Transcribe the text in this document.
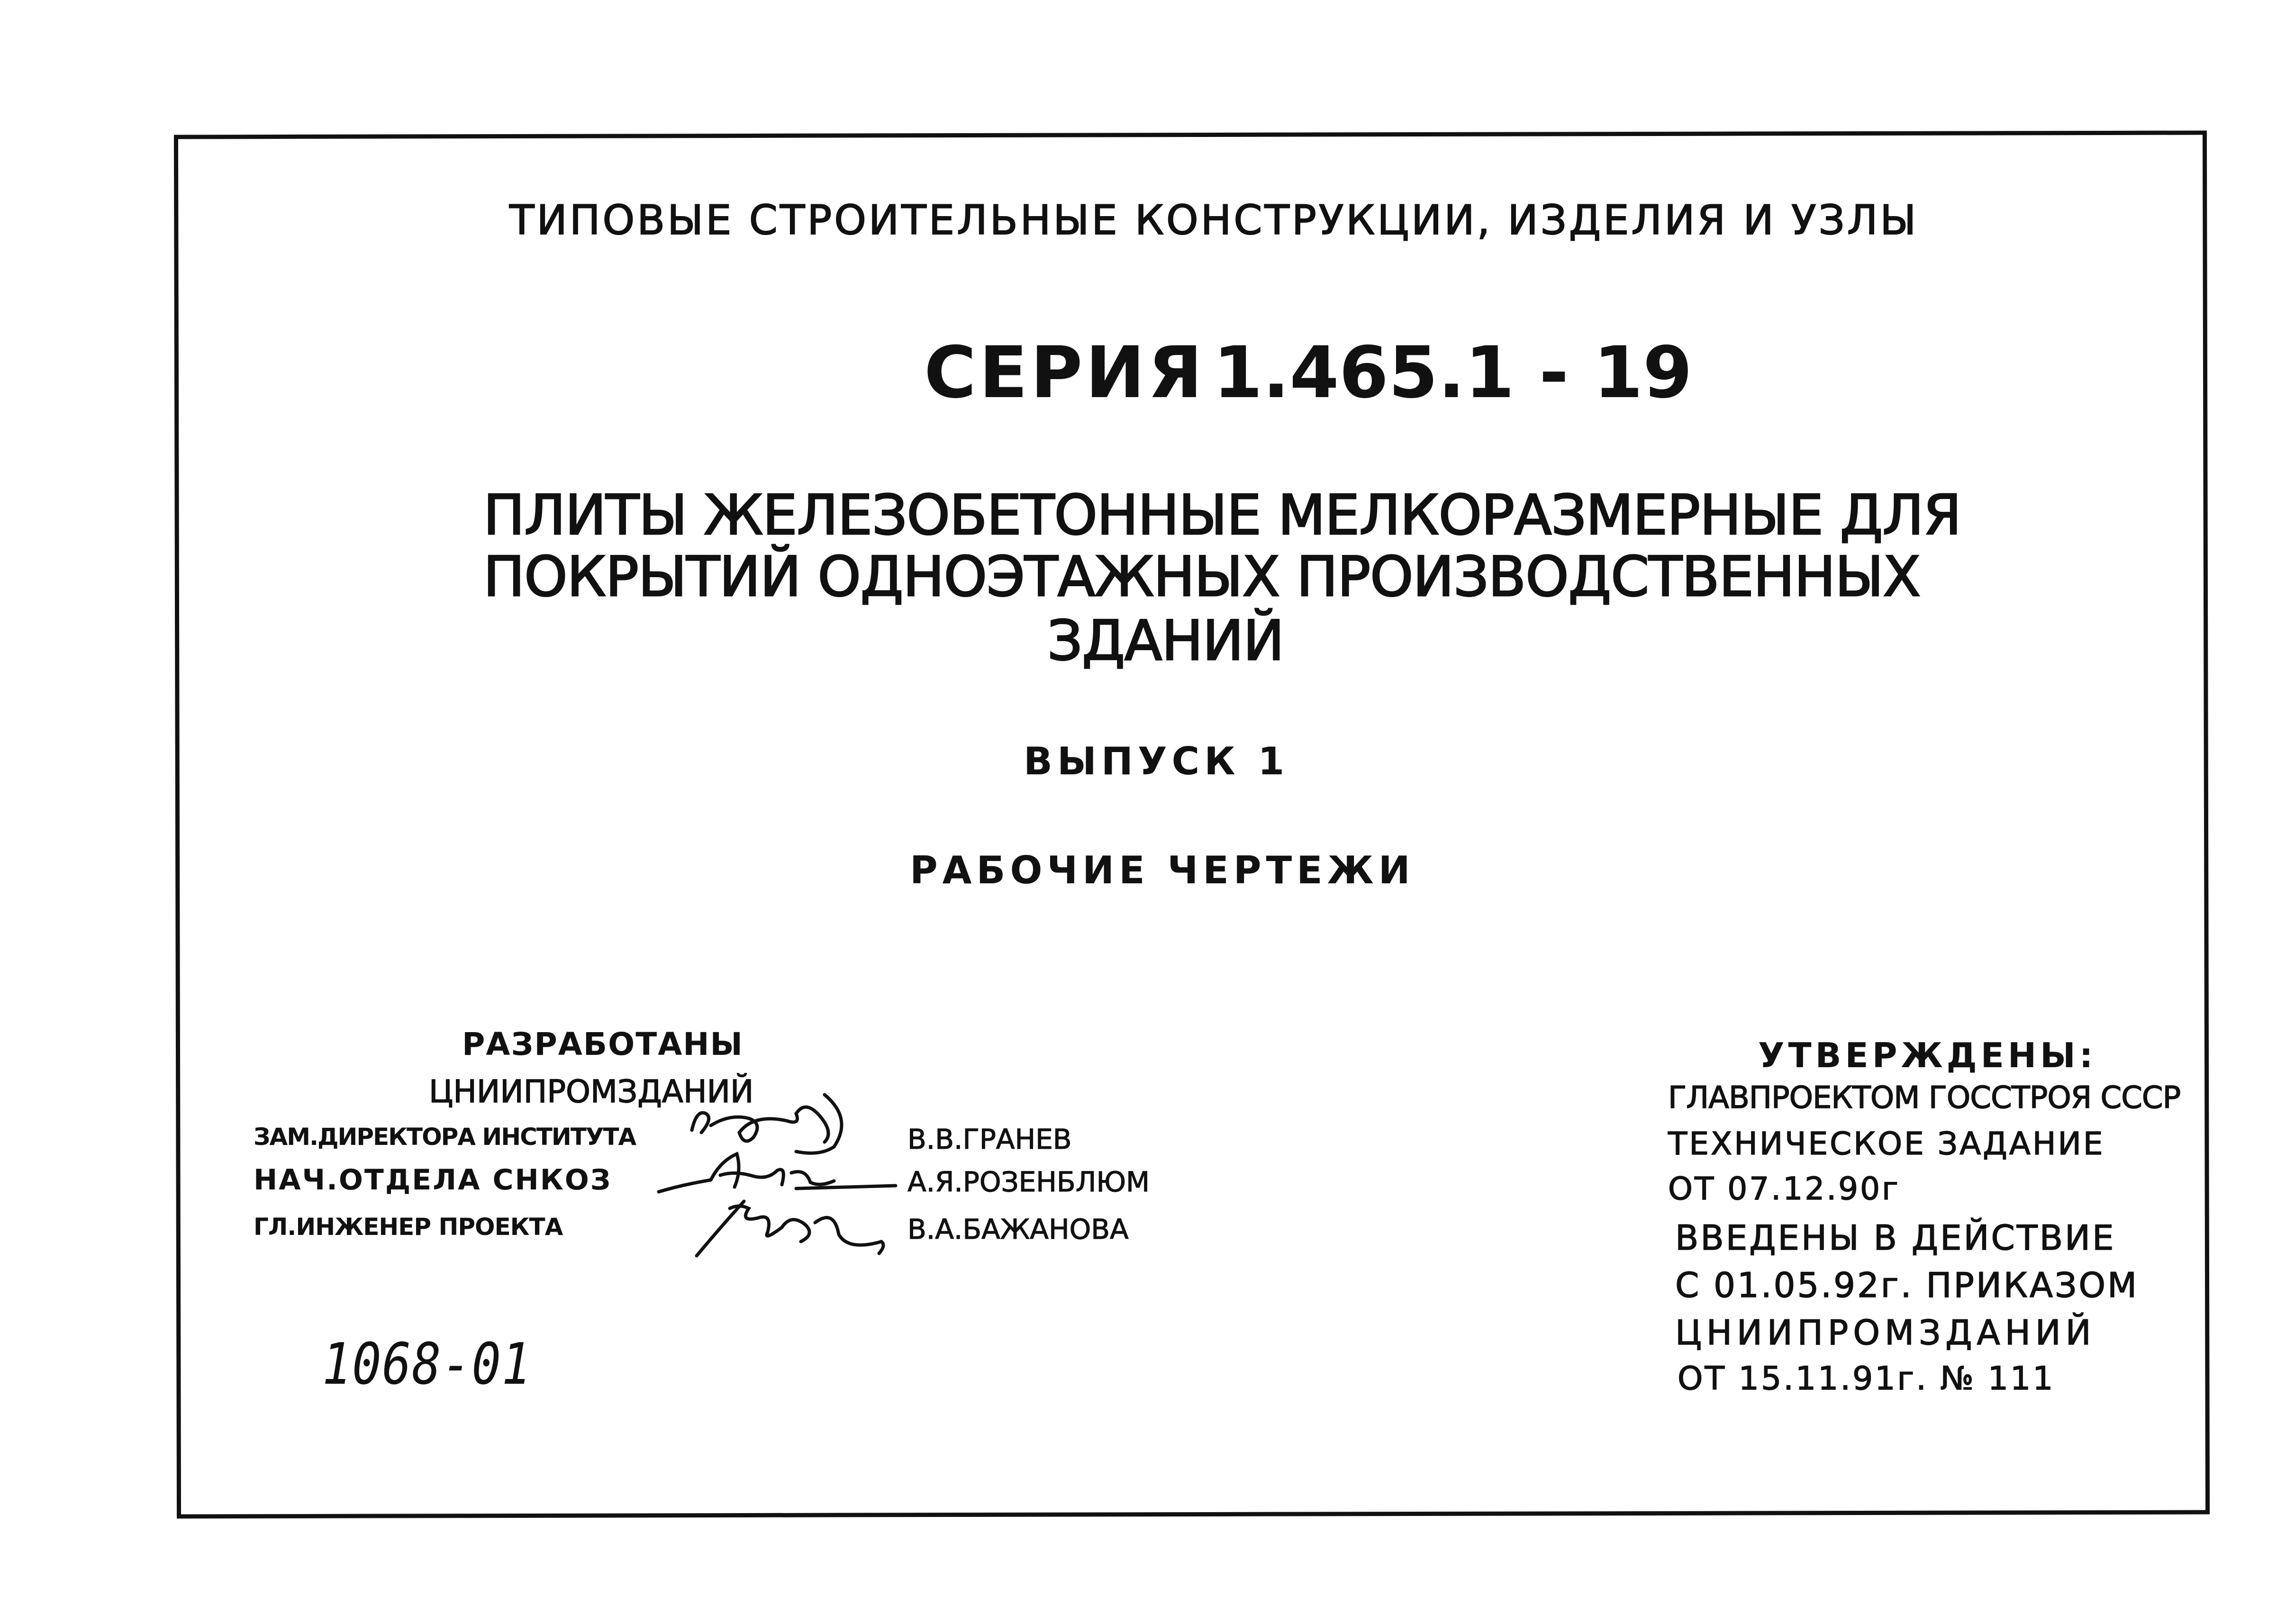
ТИПОВЫЕ СТРОИТЕЛЬНЫЕ КОНСТРУКЦИИ, ИЗДЕЛИЯ И УЗЛЫ
СЕРИЯ 1.465.1 - 19
ПЛИТЫ ЖЕЛЕЗОБЕТОННЫЕ МЕЛКОРАЗМЕРНЫЕ ДЛЯ
ПОКРЫТИЙ ОДНОЭТАЖНЫХ ПРОИЗВОДСТВЕННЫХ
ЗДАНИЙ
ВЫПУСК 1
РАБОЧИЕ ЧЕРТЕЖИ
РАЗРАБОТАНЫ
ЦНИИПРОМЗДАНИЙ
ЗАМ.ДИРЕКТОРА ИНСТИТУТА
НАЧ.ОТДЕЛА СНКОЗ
ГЛ.ИНЖЕНЕР ПРОЕКТА
В.В.ГРАНЕВ
А.Я.РОЗЕНБЛЮМ
В.А.БАЖАНОВА
1068-01
УТВЕРЖДЕНЫ:
ГЛАВПРОЕКТОМ ГОССТРОЯ СССР
ТЕХНИЧЕСКОЕ ЗАДАНИЕ
ОТ 07.12.90г
ВВЕДЕНЫ В ДЕЙСТВИЕ
С 01.05.92г. ПРИКАЗОМ
ЦНИИПРОМЗДАНИЙ
ОТ 15.11.91г. № 111
